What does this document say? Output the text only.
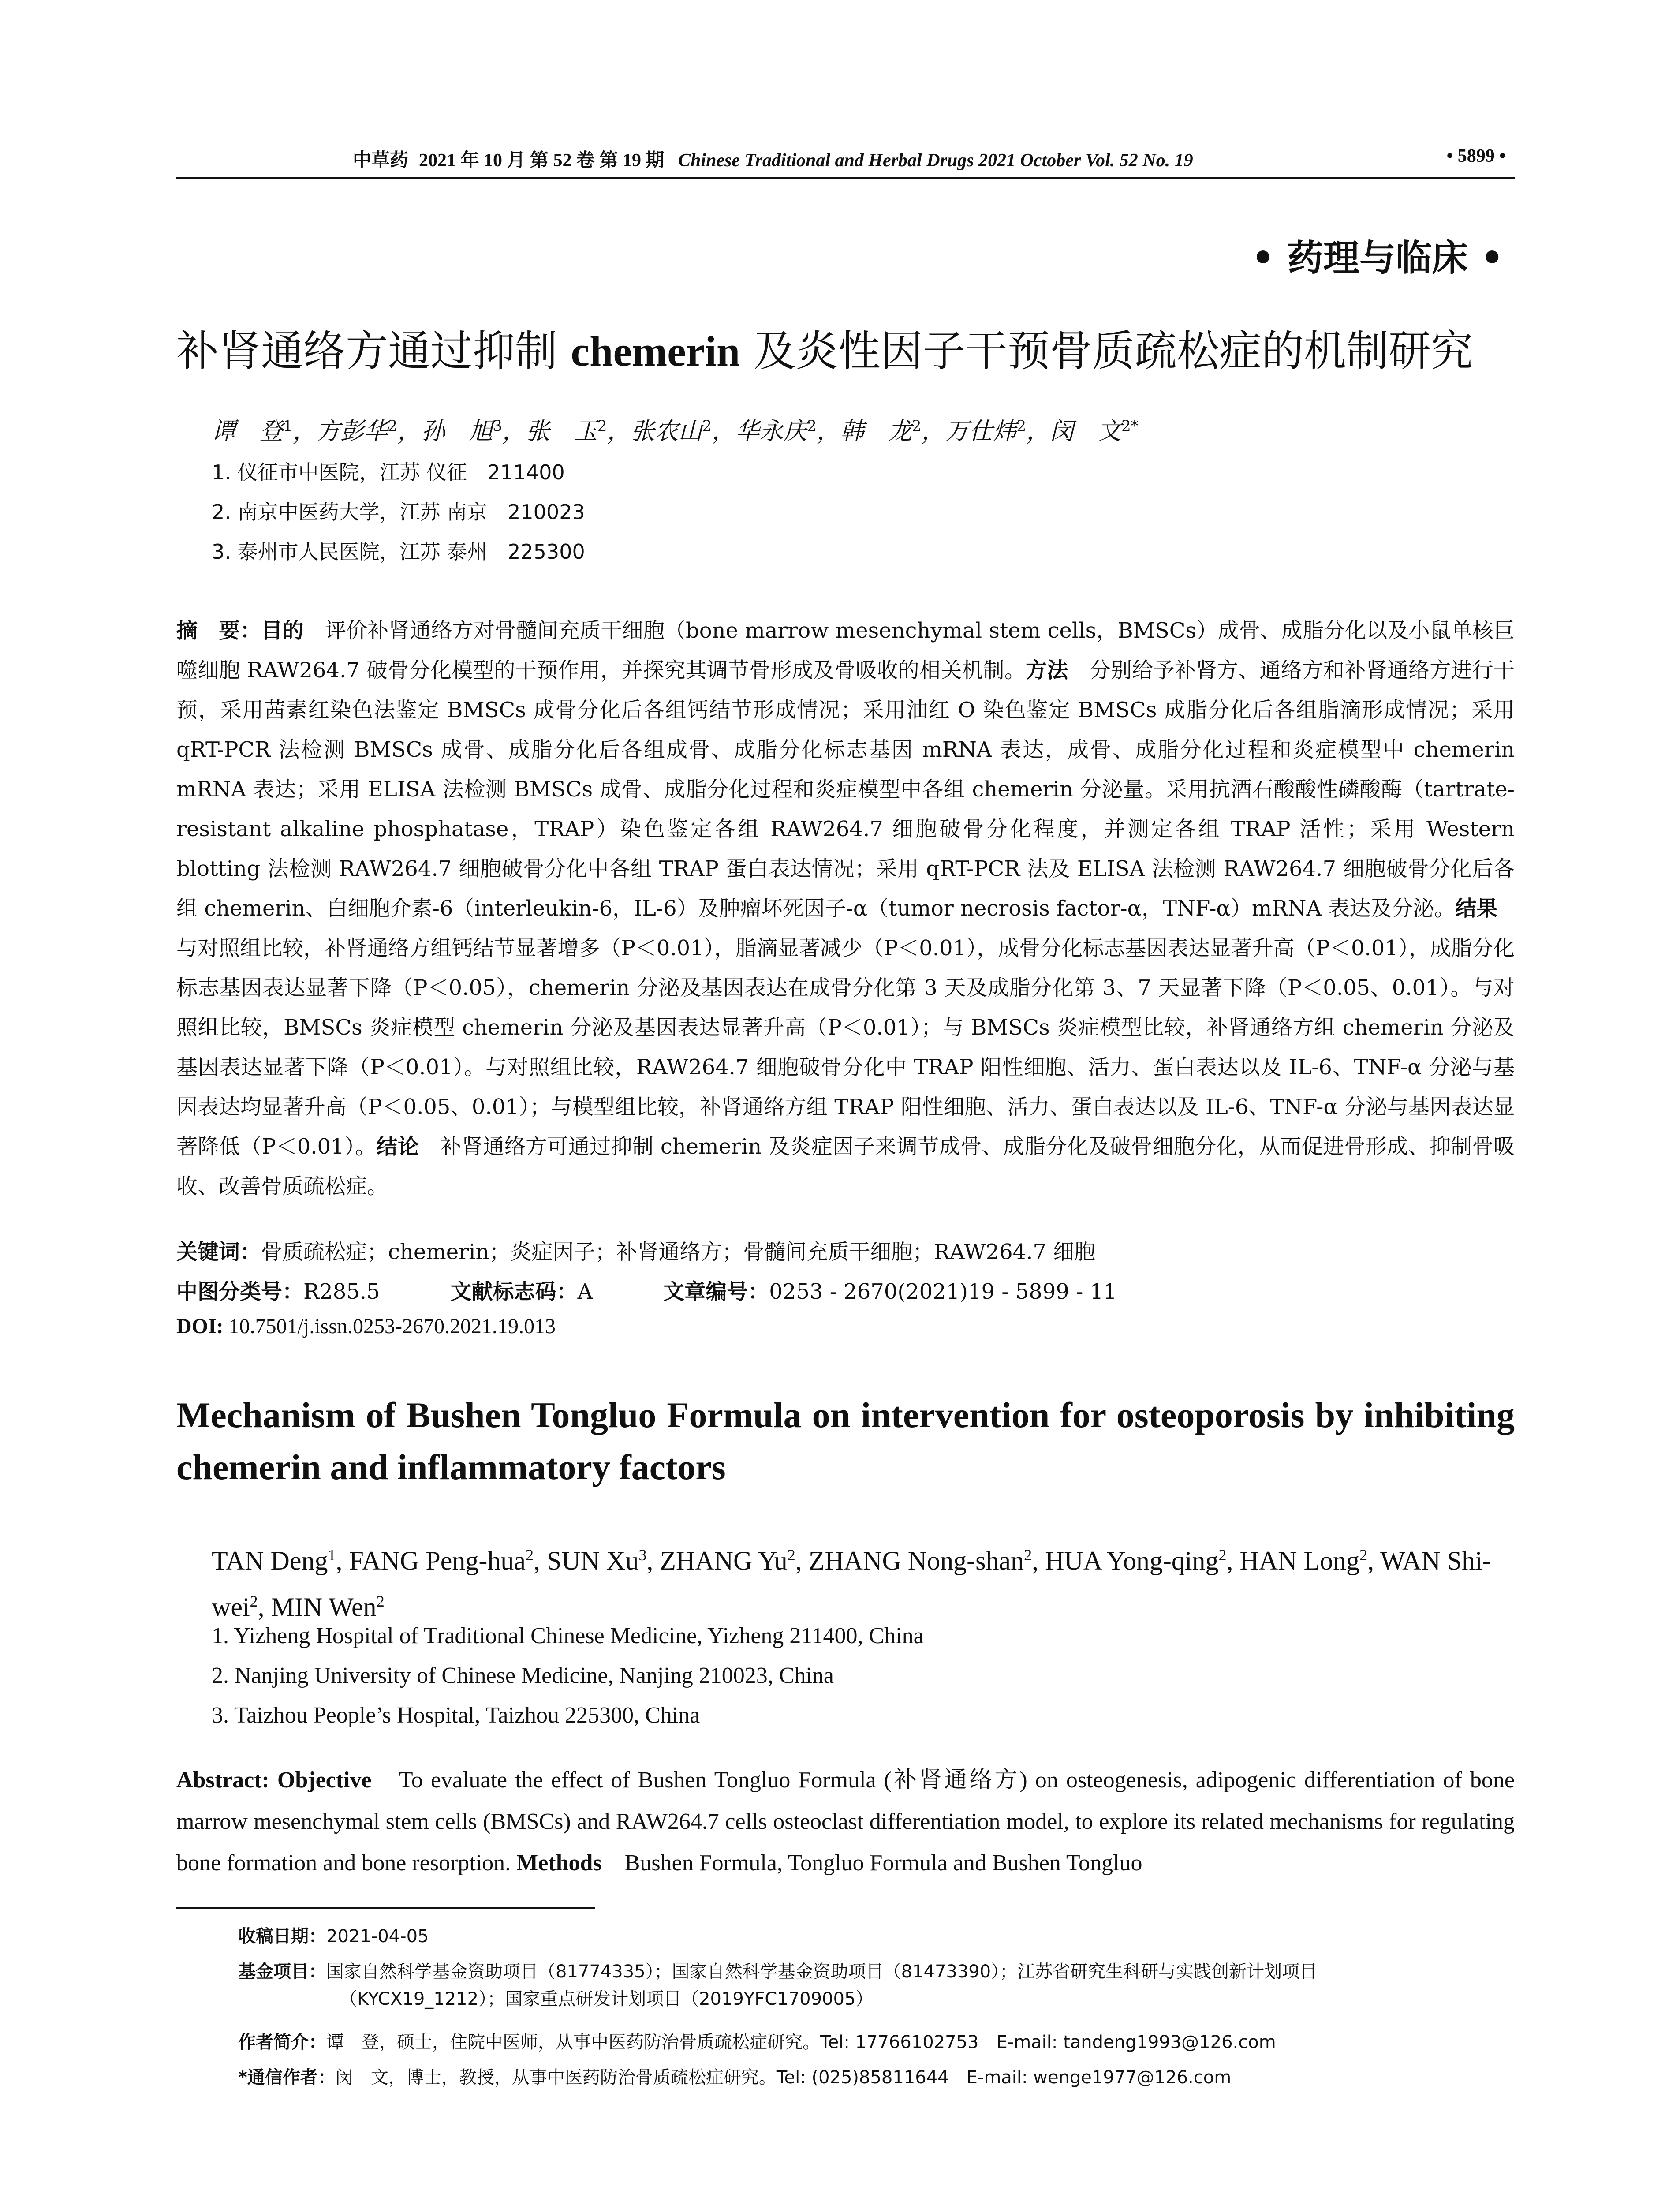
中草药 2021 年 10 月 第 52 卷 第 19 期 Chinese Traditional and Herbal Drugs 2021 October Vol. 52 No. 19	• 5899 •
• 药理与临床 •
补肾通络方通过抑制 chemerin 及炎性因子干预骨质疏松症的机制研究
谭　登$^1$，方彭华$^2$，孙　旭$^3$，张　玉$^2$，张农山$^2$，华永庆$^2$，韩　龙$^2$，万仕炜$^2$，闵　文$^{2*}$
1. 仪征市中医院，江苏 仪征　211400
2. 南京中医药大学，江苏 南京　210023
3. 泰州市人民医院，江苏 泰州　225300
摘　要：目的　评价补肾通络方对骨髓间充质干细胞（bone marrow mesenchymal stem cells，BMSCs）成骨、成脂分化以及小鼠单核巨噬细胞 RAW264.7 破骨分化模型的干预作用，并探究其调节骨形成及骨吸收的相关机制。方法　分别给予补肾方、通络方和补肾通络方进行干预，采用茜素红染色法鉴定 BMSCs 成骨分化后各组钙结节形成情况；采用油红 O 染色鉴定 BMSCs 成脂分化后各组脂滴形成情况；采用 qRT-PCR 法检测 BMSCs 成骨、成脂分化后各组成骨、成脂分化标志基因 mRNA 表达，成骨、成脂分化过程和炎症模型中 chemerin mRNA 表达；采用 ELISA 法检测 BMSCs 成骨、成脂分化过程和炎症模型中各组 chemerin 分泌量。采用抗酒石酸酸性磷酸酶（tartrate-resistant alkaline phosphatase，TRAP）染色鉴定各组 RAW264.7 细胞破骨分化程度，并测定各组 TRAP 活性；采用 Western blotting 法检测 RAW264.7 细胞破骨分化中各组 TRAP 蛋白表达情况；采用 qRT-PCR 法及 ELISA 法检测 RAW264.7 细胞破骨分化后各组 chemerin、白细胞介素-6（interleukin-6，IL-6）及肿瘤坏死因子-α（tumor necrosis factor-α，TNF-α）mRNA 表达及分泌。结果　与对照组比较，补肾通络方组钙结节显著增多（P＜0.01），脂滴显著减少（P＜0.01），成骨分化标志基因表达显著升高（P＜0.01），成脂分化标志基因表达显著下降（P＜0.05），chemerin 分泌及基因表达在成骨分化第 3 天及成脂分化第 3、7 天显著下降（P＜0.05、0.01）。与对照组比较，BMSCs 炎症模型 chemerin 分泌及基因表达显著升高（P＜0.01）；与 BMSCs 炎症模型比较，补肾通络方组 chemerin 分泌及基因表达显著下降（P＜0.01）。与对照组比较，RAW264.7 细胞破骨分化中 TRAP 阳性细胞、活力、蛋白表达以及 IL-6、TNF-α 分泌与基因表达均显著升高（P＜0.05、0.01）；与模型组比较，补肾通络方组 TRAP 阳性细胞、活力、蛋白表达以及 IL-6、TNF-α 分泌与基因表达显著降低（P＜0.01）。结论　补肾通络方可通过抑制 chemerin 及炎症因子来调节成骨、成脂分化及破骨细胞分化，从而促进骨形成、抑制骨吸收、改善骨质疏松症。
关键词：骨质疏松症；chemerin；炎症因子；补肾通络方；骨髓间充质干细胞；RAW264.7 细胞
中图分类号：R285.5	文献标志码：A	文章编号：0253 - 2670(2021)19 - 5899 - 11
DOI: 10.7501/j.issn.0253-2670.2021.19.013
Mechanism of Bushen Tongluo Formula on intervention for osteoporosis by inhibiting chemerin and inflammatory factors
TAN Deng$^1$, FANG Peng-hua$^2$, SUN Xu$^3$, ZHANG Yu$^2$, ZHANG Nong-shan$^2$, HUA Yong-qing$^2$, HAN Long$^2$, WAN Shi-wei$^2$, MIN Wen$^2$
1. Yizheng Hospital of Traditional Chinese Medicine, Yizheng 211400, China
2. Nanjing University of Chinese Medicine, Nanjing 210023, China
3. Taizhou People’s Hospital, Taizhou 225300, China
Abstract: Objective　To evaluate the effect of Bushen Tongluo Formula (补肾通络方) on osteogenesis, adipogenic differentiation of bone marrow mesenchymal stem cells (BMSCs) and RAW264.7 cells osteoclast differentiation model, to explore its related mechanisms for regulating bone formation and bone resorption. Methods　Bushen Formula, Tongluo Formula and Bushen Tongluo
收稿日期：2021-04-05
基金项目：国家自然科学基金资助项目（81774335）；国家自然科学基金资助项目（81473390）；江苏省研究生科研与实践创新计划项目
（KYCX19_1212）；国家重点研发计划项目（2019YFC1709005）
作者简介：谭　登，硕士，住院中医师，从事中医药防治骨质疏松症研究。Tel: 17766102753　E-mail: tandeng1993@126.com
*通信作者：闵　文，博士，教授，从事中医药防治骨质疏松症研究。Tel: (025)85811644　E-mail: wenge1977@126.com
